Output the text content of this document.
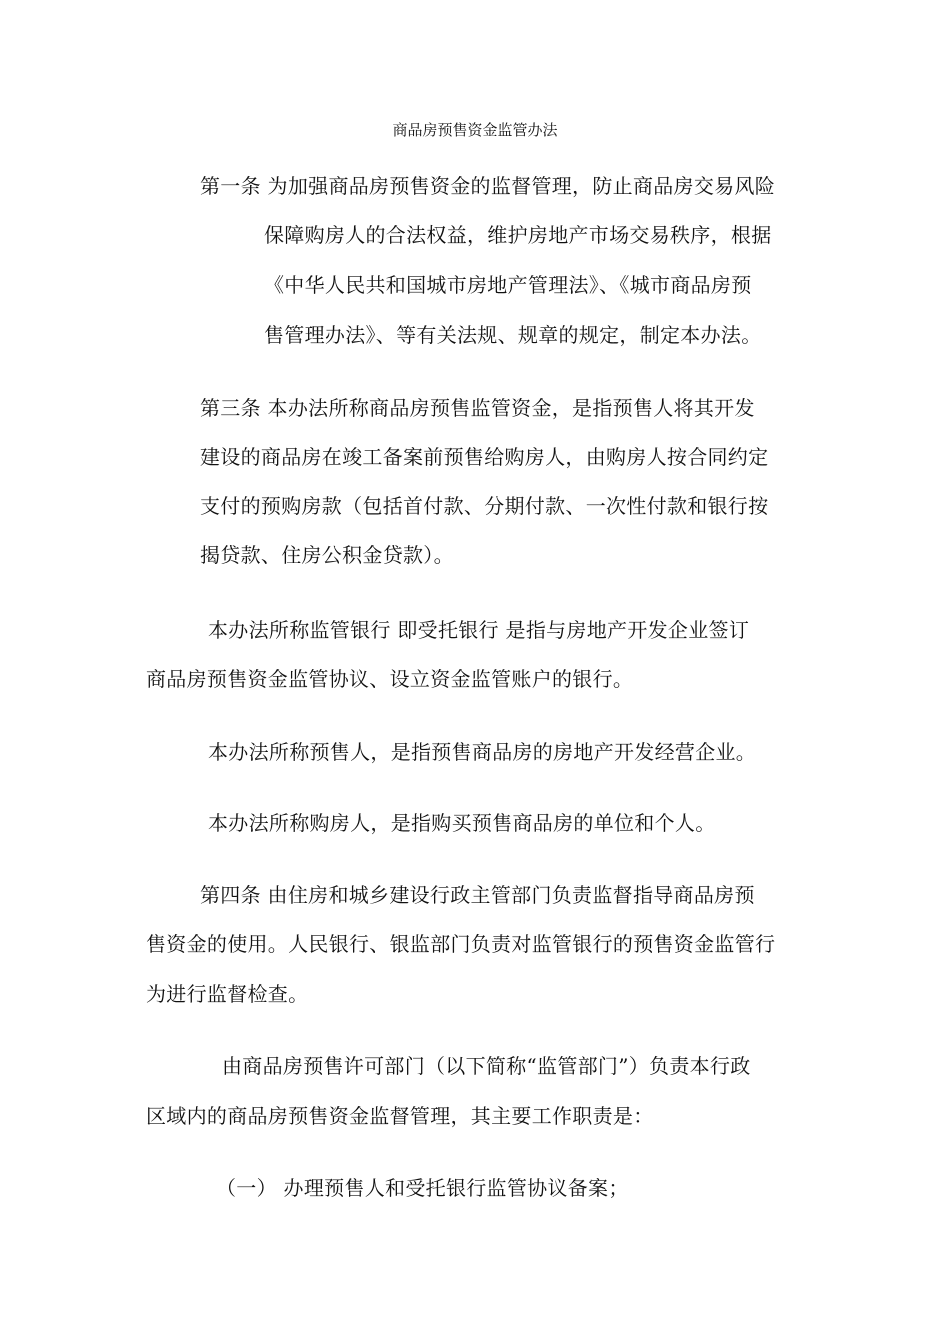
商品房预售资金监管办法
第一条 为加强商品房预售资金的监督管理，防止商品房交易风险
保障购房人的合法权益，维护房地产市场交易秩序，根据
《中华人民共和国城市房地产管理法》、《城市商品房预
售管理办法》、等有关法规、规章的规定，制定本办法。
第三条 本办法所称商品房预售监管资金，是指预售人将其开发
建设的商品房在竣工备案前预售给购房人，由购房人按合同约定
支付的预购房款（包括首付款、分期付款、一次性付款和银行按
揭贷款、住房公积金贷款）。
本办法所称监管银行 即受托银行 是指与房地产开发企业签订
商品房预售资金监管协议、设立资金监管账户的银行。
本办法所称预售人，是指预售商品房的房地产开发经营企业。
本办法所称购房人，是指购买预售商品房的单位和个人。
第四条 由住房和城乡建设行政主管部门负责监督指导商品房预
售资金的使用。人民银行、银监部门负责对监管银行的预售资金监管行
为进行监督检查。
由商品房预售许可部门（以下简称“监管部门”）负责本行政
区域内的商品房预售资金监督管理，其主要工作职责是：
（一） 办理预售人和受托银行监管协议备案；
